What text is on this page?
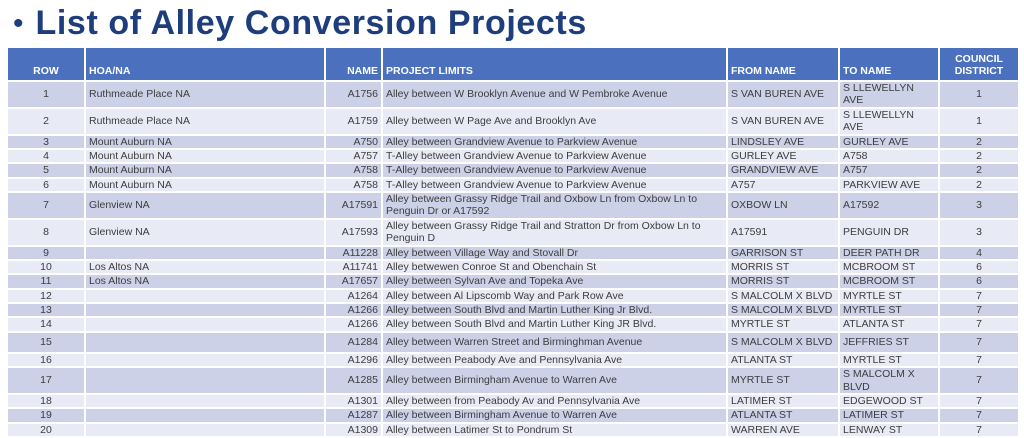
• List of Alley Conversion Projects
ROW	HOA/NA	NAME	PROJECT LIMITS	FROM NAME	TO NAME	COUNCIL DISTRICT
1	Ruthmeade Place NA	A1756	Alley between W Brooklyn Avenue and W Pembroke Avenue	S VAN BUREN AVE	S LLEWELLYN AVE	1
2	Ruthmeade Place NA	A1759	Alley between W Page Ave and Brooklyn Ave	S VAN BUREN AVE	S LLEWELLYN AVE	1
3	Mount Auburn NA	A750	Alley between Grandview Avenue to Parkview Avenue	LINDSLEY AVE	GURLEY AVE	2
4	Mount Auburn NA	A757	T-Alley between Grandview Avenue to Parkview Avenue	GURLEY AVE	A758	2
5	Mount Auburn NA	A758	T-Alley between Grandview Avenue to Parkview Avenue	GRANDVIEW AVE	A757	2
6	Mount Auburn NA	A758	T-Alley between Grandview Avenue to Parkview Avenue	A757	PARKVIEW AVE	2
7	Glenview NA	A17591	Alley between Grassy Ridge Trail and Oxbow Ln from Oxbow Ln to Penguin Dr or A17592	OXBOW LN	A17592	3
8	Glenview NA	A17593	Alley between Grassy Ridge Trail and Stratton Dr from Oxbow Ln to Penguin D	A17591	PENGUIN DR	3
9		A11228	Alley between Village Way and Stovall Dr	GARRISON ST	DEER PATH DR	4
10	Los Altos NA	A11741	Alley betwewen Conroe St and Obenchain St	MORRIS ST	MCBROOM ST	6
11	Los Altos NA	A17657	Alley between Sylvan Ave and Topeka Ave	MORRIS ST	MCBROOM ST	6
12		A1264	Alley between Al Lipscomb Way and Park Row Ave	S MALCOLM X BLVD	MYRTLE ST	7
13		A1266	Alley between South Blvd and Martin Luther King Jr Blvd.	S MALCOLM X BLVD	MYRTLE ST	7
14		A1266	Alley between South Blvd and Martin Luther King JR Blvd.	MYRTLE ST	ATLANTA ST	7
15		A1284	Alley between Warren Street and Birminghman Avenue	S MALCOLM X BLVD	JEFFRIES ST	7
16		A1296	Alley between Peabody Ave and Pennsylvania Ave	ATLANTA ST	MYRTLE ST	7
17		A1285	Alley between Birmingham Avenue to Warren Ave	MYRTLE ST	S MALCOLM X BLVD	7
18		A1301	Alley between from Peabody Av and Pennsylvania Ave	LATIMER ST	EDGEWOOD ST	7
19		A1287	Alley between Birmingham Avenue to Warren Ave	ATLANTA ST	LATIMER ST	7
20		A1309	Alley between Latimer St to Pondrum St	WARREN AVE	LENWAY ST	7
